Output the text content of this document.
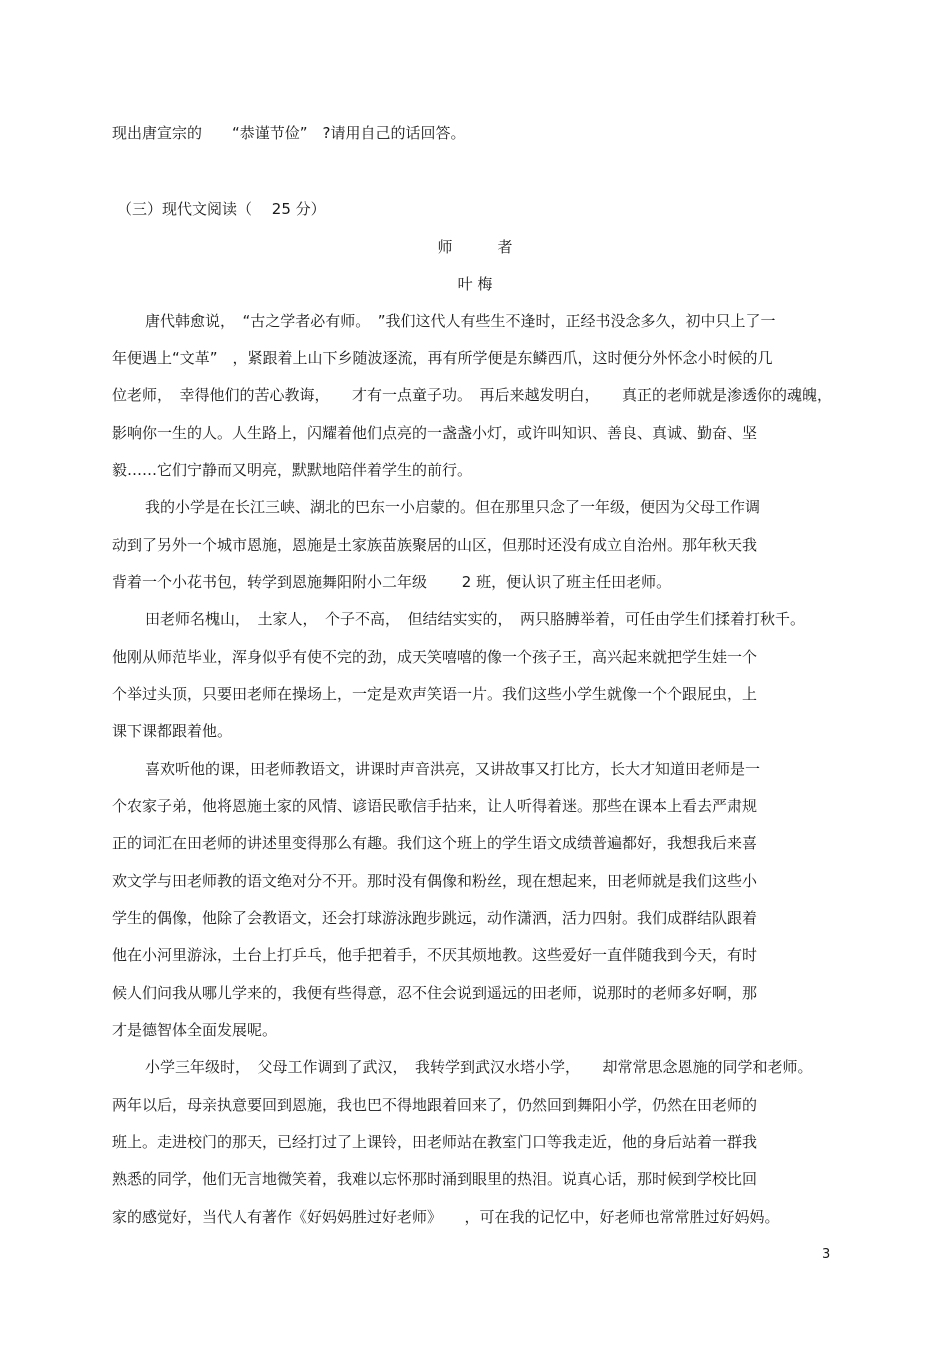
现出唐宣宗的　　“恭谨节俭”　?请用自己的话回答。
（三）现代文阅读（　 25 分）
师　　　者
叶 梅
唐代韩愈说，　“古之学者必有师。　”我们这代人有些生不逢时，正经书没念多久，初中只上了一
年便遇上“文革”　，紧跟着上山下乡随波逐流，再有所学便是东鳞西爪，这时便分外怀念小时候的几
位老师，　幸得他们的苦心教诲，　　才有一点童子功。　再后来越发明白，　　真正的老师就是渗透你的魂魄，
影响你一生的人。人生路上，闪耀着他们点亮的一盏盏小灯，或许叫知识、善良、真诚、勤奋、坚
毅……它们宁静而又明亮，默默地陪伴着学生的前行。
我的小学是在长江三峡、湖北的巴东一小启蒙的。但在那里只念了一年级，便因为父母工作调
动到了另外一个城市恩施，恩施是土家族苗族聚居的山区，但那时还没有成立自治州。那年秋天我
背着一个小花书包，转学到恩施舞阳附小二年级　　 2 班，便认识了班主任田老师。
田老师名槐山，　土家人，　个子不高，　但结结实实的，　两只胳膊举着，可任由学生们揉着打秋千。
他刚从师范毕业，浑身似乎有使不完的劲，成天笑嘻嘻的像一个孩子王，高兴起来就把学生娃一个
个举过头顶，只要田老师在操场上，一定是欢声笑语一片。我们这些小学生就像一个个跟屁虫，上
课下课都跟着他。
喜欢听他的课，田老师教语文，讲课时声音洪亮，又讲故事又打比方，长大才知道田老师是一
个农家子弟，他将恩施土家的风情、谚语民歌信手拈来，让人听得着迷。那些在课本上看去严肃规
正的词汇在田老师的讲述里变得那么有趣。我们这个班上的学生语文成绩普遍都好，我想我后来喜
欢文学与田老师教的语文绝对分不开。那时没有偶像和粉丝，现在想起来，田老师就是我们这些小
学生的偶像，他除了会教语文，还会打球游泳跑步跳远，动作潇洒，活力四射。我们成群结队跟着
他在小河里游泳，土台上打乒乓，他手把着手，不厌其烦地教。这些爱好一直伴随我到今天，有时
候人们问我从哪儿学来的，我便有些得意，忍不住会说到遥远的田老师，说那时的老师多好啊，那
才是德智体全面发展呢。
小学三年级时，　父母工作调到了武汉，　我转学到武汉水塔小学，　　却常常思念恩施的同学和老师。
两年以后，母亲执意要回到恩施，我也巴不得地跟着回来了，仍然回到舞阳小学，仍然在田老师的
班上。走进校门的那天，已经打过了上课铃，田老师站在教室门口等我走近，他的身后站着一群我
熟悉的同学，他们无言地微笑着，我难以忘怀那时涌到眼里的热泪。说真心话，那时候到学校比回
家的感觉好，当代人有著作《好妈妈胜过好老师》　　，可在我的记忆中，好老师也常常胜过好妈妈。
3
